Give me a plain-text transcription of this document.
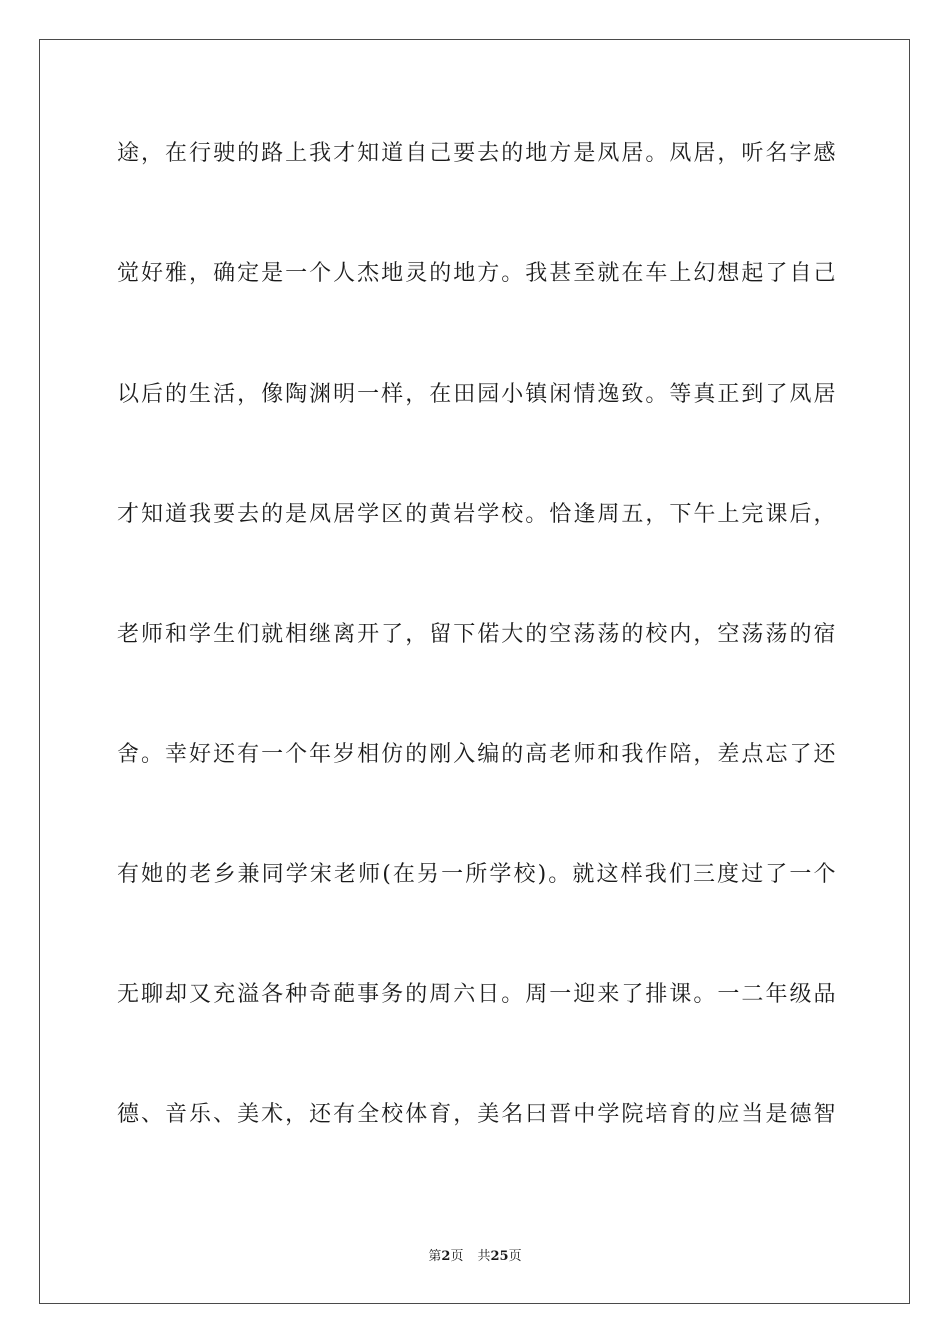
途，在行驶的路上我才知道自己要去的地方是凤居。凤居，听名字感
觉好雅，确定是一个人杰地灵的地方。我甚至就在车上幻想起了自己
以后的生活，像陶渊明一样，在田园小镇闲情逸致。等真正到了凤居
才知道我要去的是凤居学区的黄岩学校。恰逢周五，下午上完课后，
老师和学生们就相继离开了，留下偌大的空荡荡的校内，空荡荡的宿
舍。幸好还有一个年岁相仿的刚入编的高老师和我作陪，差点忘了还
有她的老乡兼同学宋老师(在另一所学校)。就这样我们三度过了一个
无聊却又充溢各种奇葩事务的周六日。周一迎来了排课。一二年级品
德、音乐、美术，还有全校体育，美名曰晋中学院培育的应当是德智
第2页 共25页
